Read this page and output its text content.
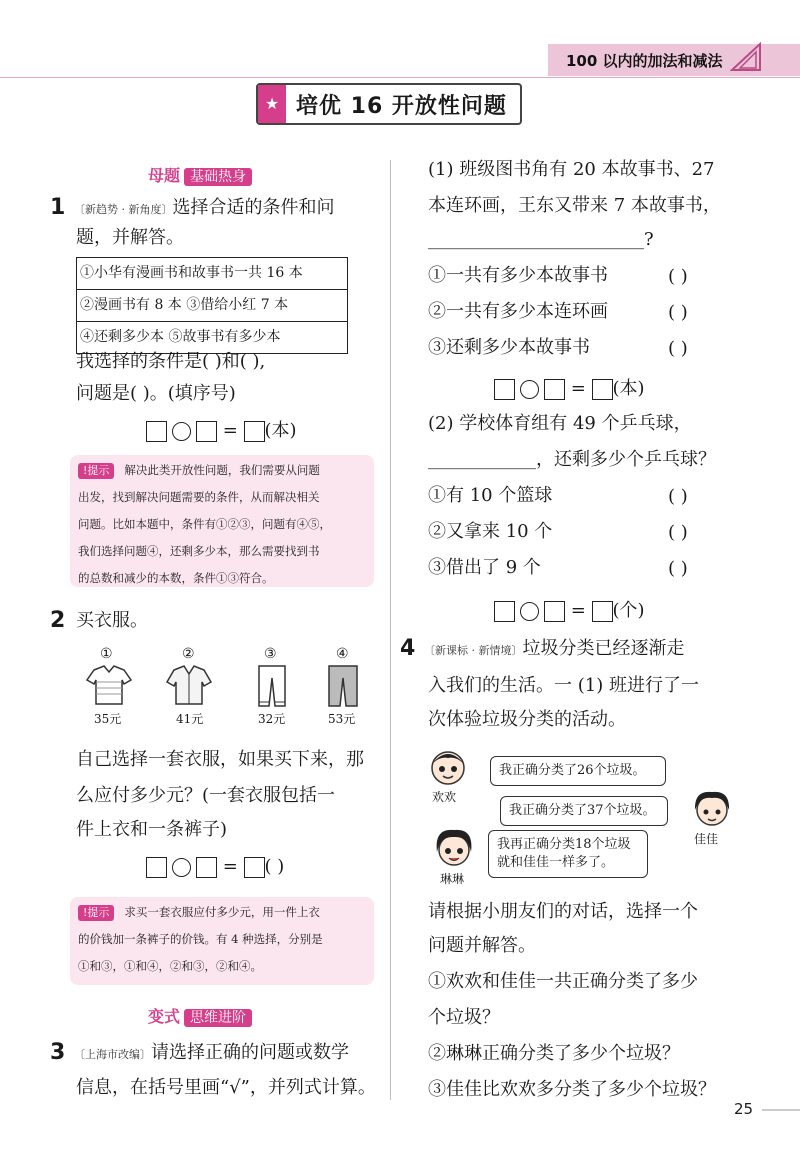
100 以内的加法和减法
★ 培优 16 开放性问题
母题 基础热身
1 〔新趋势 · 新角度〕选择合适的条件和问
题，并解答。
①小华有漫画书和故事书一共 16 本
②漫画书有 8 本 ③借给小红 7 本
④还剩多少本 ⑤故事书有多少本
我选择的条件是( )和( ),
问题是( )。(填序号)
= (本)

!提示 解决此类开放性问题，我们需要从问题

出发，找到解决问题需要的条件，从而解决相关

问题。比如本题中，条件有①②③，问题有④⑤，

我们选择问题④，还剩多少本，那么需要找到书

的总数和减少的本数，条件①③符合。

2 买衣服。
①
35元
②
41元
③
32元
④
53元
自己选择一套衣服，如果买下来，那
么应付多少元？(一套衣服包括一
件上衣和一条裤子)
= ( )

!提示 求买一套衣服应付多少元，用一件上衣

的价钱加一条裤子的价钱。有 4 种选择，分别是

①和③，①和④，②和③，②和④。

变式 思维进阶
3 〔上海市改编〕请选择正确的问题或数学
信息，在括号里画“√”，并列式计算。
(1) 班级图书角有 20 本故事书、27
本连环画，王东又带来 7 本故事书，
________________________?
①一共有多少本故事书	( )
②一共有多少本连环画	( )
③还剩多少本故事书	( )
= (本)
(2) 学校体育组有 49 个乒乓球，
____________，还剩多少个乒乓球？
①有 10 个篮球	( )
②又拿来 10 个	( )
③借出了 9 个	( )
= (个)
4 〔新课标 · 新情境〕垃圾分类已经逐渐走
入我们的生活。一 (1) 班进行了一
次体验垃圾分类的活动。
欢欢
我正确分类了26个垃圾。
我正确分类了37个垃圾。
佳佳
琳琳
我再正确分类18个垃圾
就和佳佳一样多了。
请根据小朋友们的对话，选择一个
问题并解答。
①欢欢和佳佳一共正确分类了多少
个垃圾？
②琳琳正确分类了多少个垃圾？
③佳佳比欢欢多分类了多少个垃圾？
25
